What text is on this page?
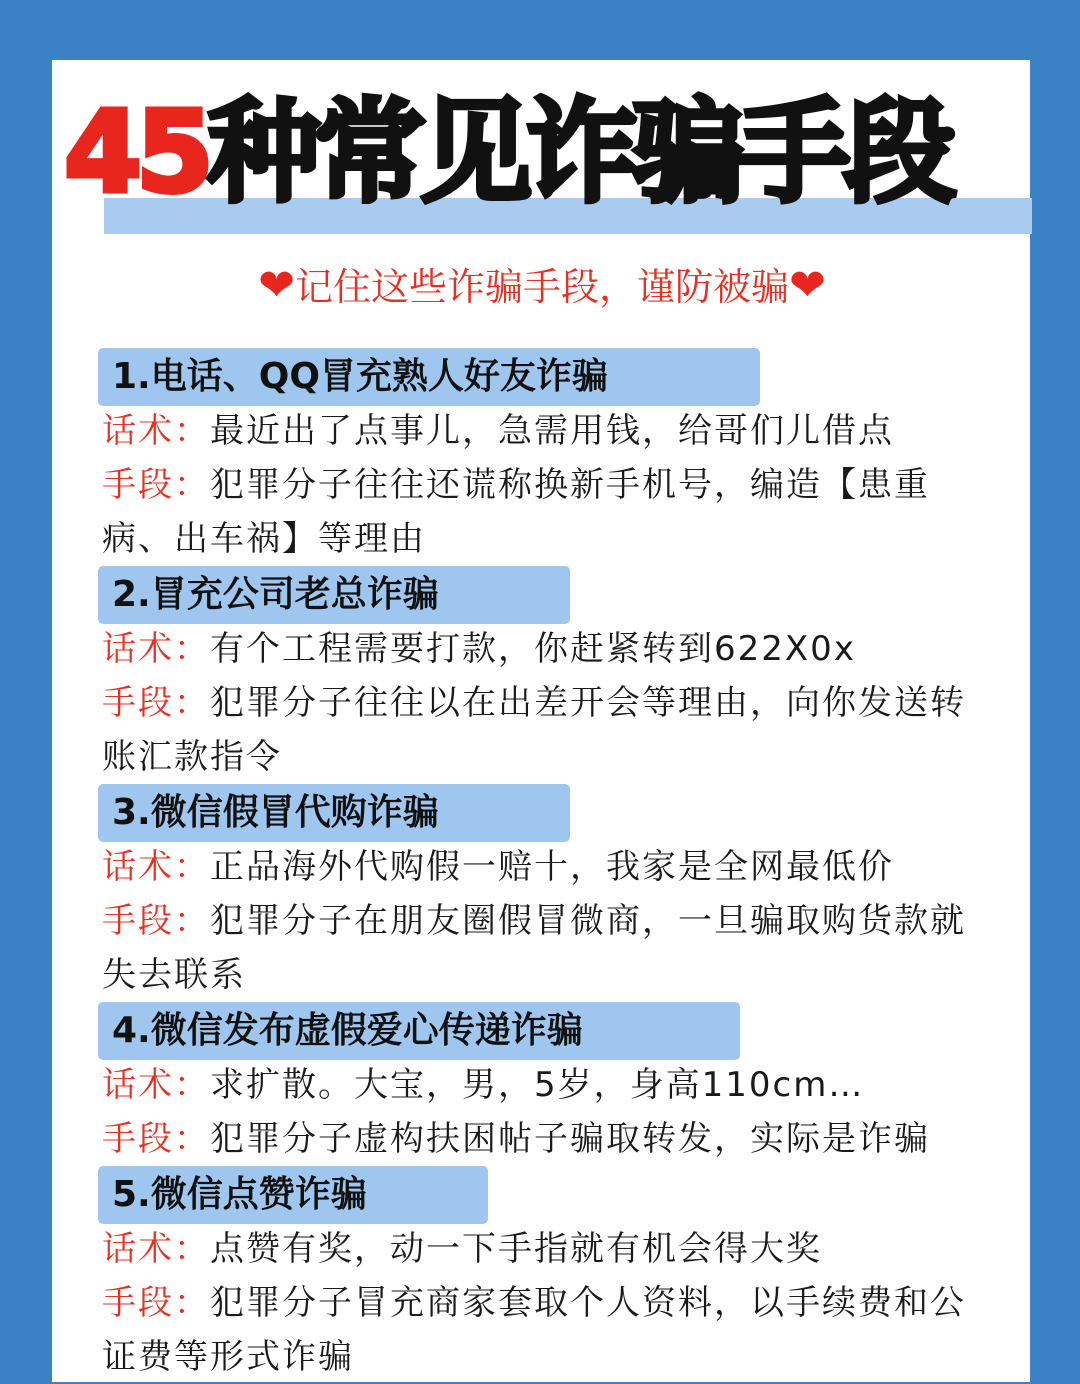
45种常见诈骗手段
❤记住这些诈骗手段，谨防被骗❤
1.电话、QQ冒充熟人好友诈骗

话术：最近出了点事儿，急需用钱，给哥们儿借点

手段：犯罪分子往往还谎称换新手机号，编造【患重病、出车祸】等理由

2.冒充公司老总诈骗

话术：有个工程需要打款，你赶紧转到622X0x

手段：犯罪分子往往以在出差开会等理由，向你发送转账汇款指令

3.微信假冒代购诈骗

话术：正品海外代购假一赔十，我家是全网最低价

手段：犯罪分子在朋友圈假冒微商，一旦骗取购货款就失去联系

4.微信发布虚假爱心传递诈骗

话术：求扩散。大宝，男，5岁，身高110cm…

手段：犯罪分子虚构扶困帖子骗取转发，实际是诈骗

5.微信点赞诈骗

话术：点赞有奖，动一下手指就有机会得大奖

手段：犯罪分子冒充商家套取个人资料，以手续费和公证费等形式诈骗
